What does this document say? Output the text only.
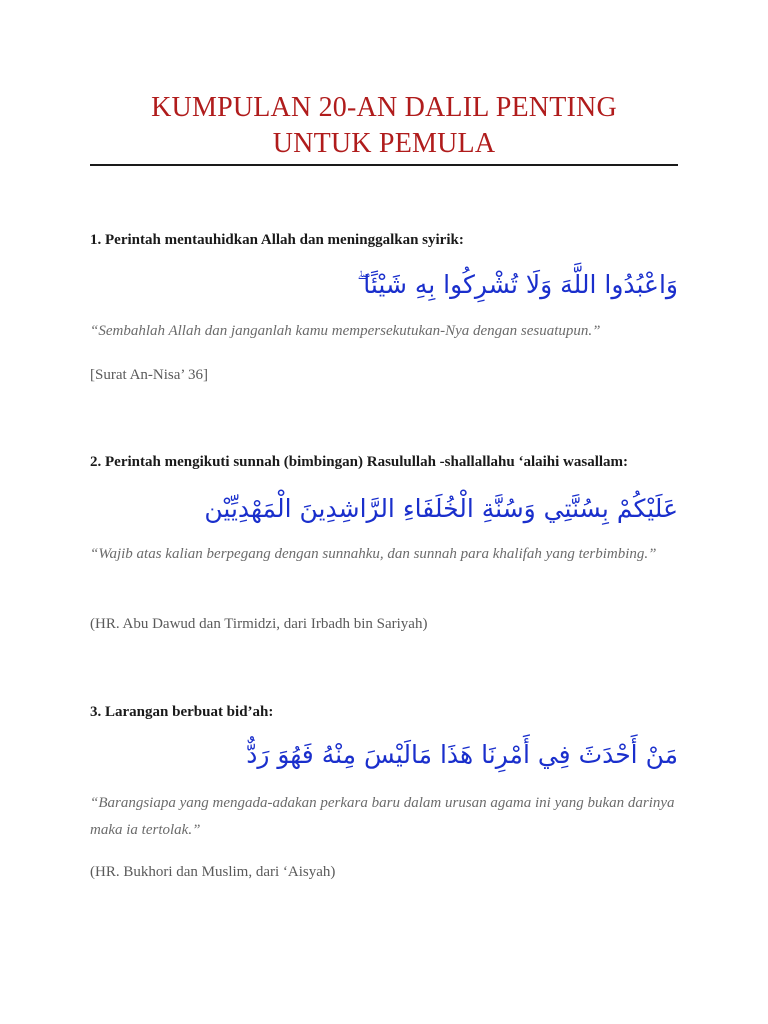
KUMPULAN 20-AN DALIL PENTING
UNTUK PEMULA

1. Perintah mentauhidkan Allah dan meninggalkan syirik:

وَاعْبُدُوا اللَّهَ وَلَا تُشْرِكُوا بِهِ شَيْئًا ۖ

“Sembahlah Allah dan janganlah kamu mempersekutukan-Nya dengan sesuatupun.”

[Surat An-Nisa’ 36]

2. Perintah mengikuti sunnah (bimbingan) Rasulullah -shallallahu ‘alaihi wasallam:

عَلَيْكُمْ بِسُنَّتِي وَسُنَّةِ الْخُلَفَاءِ الرَّاشِدِينَ الْمَهْدِيِّيْن

“Wajib atas kalian berpegang dengan sunnahku, dan sunnah para khalifah yang terbimbing.”

(HR. Abu Dawud dan Tirmidzi, dari Irbadh bin Sariyah)

3. Larangan berbuat bid’ah:

مَنْ أَحْدَثَ فِي أَمْرِنَا هَذَا مَالَيْسَ مِنْهُ فَهُوَ رَدٌّ

“Barangsiapa yang mengada-adakan perkara baru dalam urusan agama ini yang bukan darinya maka ia tertolak.”

(HR. Bukhori dan Muslim, dari ‘Aisyah)
